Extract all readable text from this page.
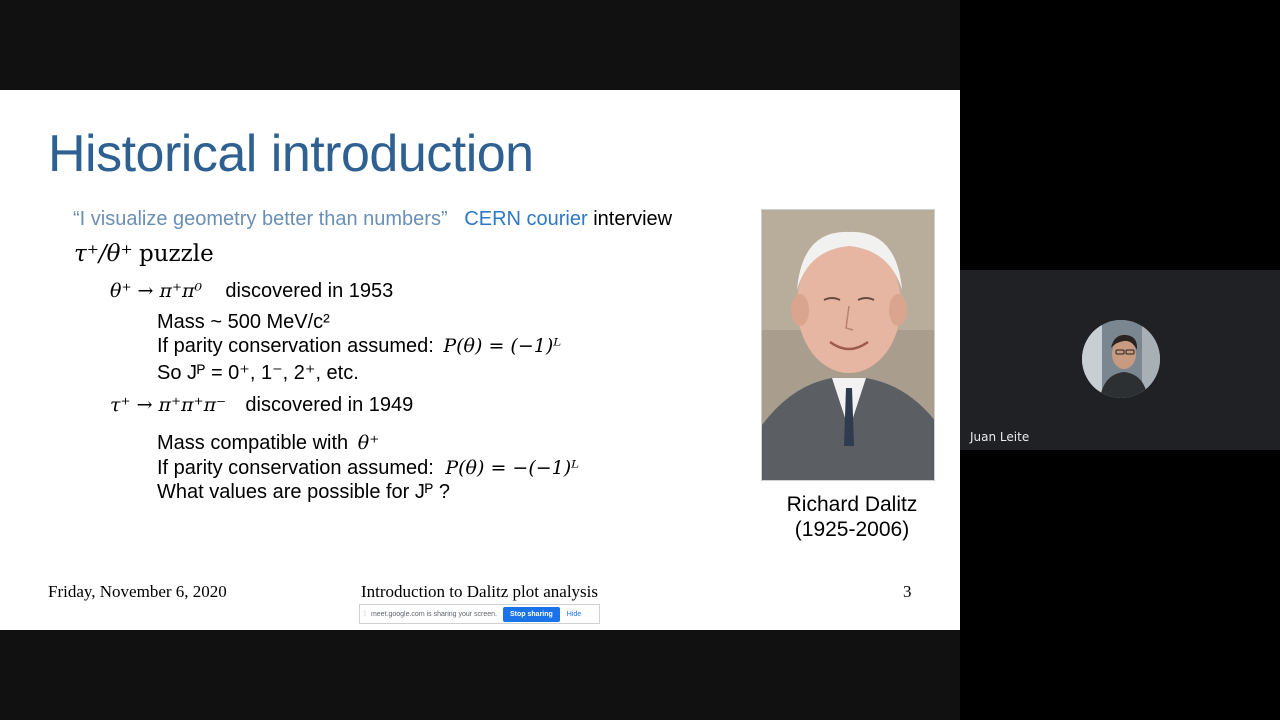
Historical introduction
“I visualize geometry better than numbers” CERN courier interview
τ⁺/θ⁺ puzzle
θ⁺ → π⁺π⁰ discovered in 1953
Mass ~ 500 MeV/c²
If parity conservation assumed: P(θ) = (−1)ᴸ
So Jᴾ = 0⁺, 1⁻, 2⁺, etc.
τ⁺ → π⁺π⁺π⁻ discovered in 1949
Mass compatible with θ⁺
If parity conservation assumed: P(θ) = −(−1)ᴸ
What values are possible for Jᴾ ?
Richard Dalitz
(1925-2006)
Friday, November 6, 2020	Introduction to Dalitz plot analysis	3
⁞ meet.google.com is sharing your screen.	Stop sharing	Hide
Juan Leite
